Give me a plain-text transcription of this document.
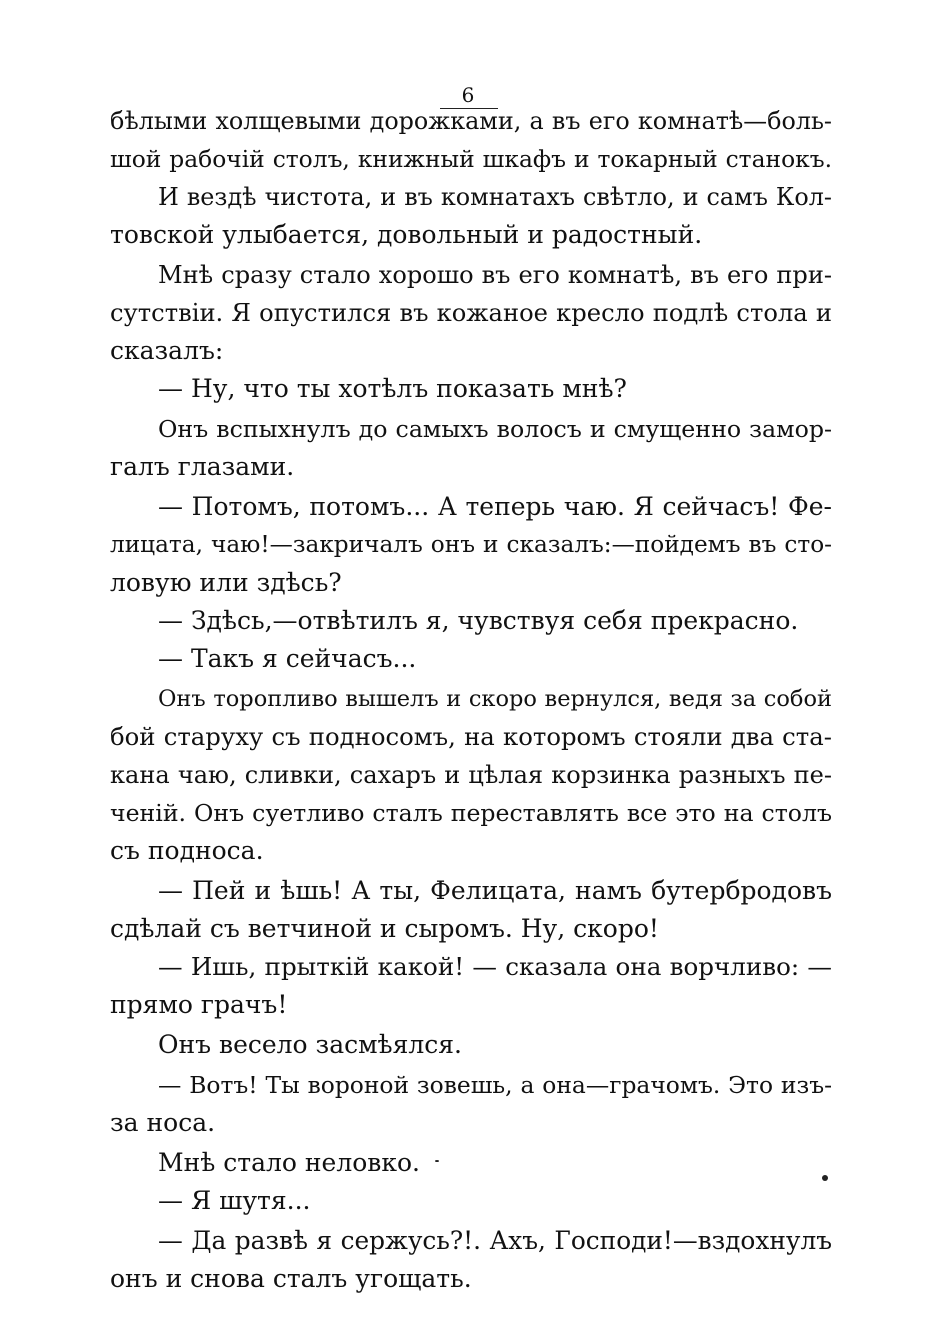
6
бѣлыми холщевыми дорожками, а въ его комнатѣ—боль-
шой рабочій столъ, книжный шкафъ и токарный станокъ.
И вездѣ чистота, и въ комнатахъ свѣтло, и самъ Кол-
товской улыбается, довольный и радостный.
Мнѣ сразу стало хорошо въ его комнатѣ, въ его при-
сутствіи. Я опустился въ кожаное кресло подлѣ стола и
сказалъ:
— Ну, что ты хотѣлъ показать мнѣ?
Онъ вспыхнулъ до самыхъ волосъ и смущенно замор-
галъ глазами.
— Потомъ, потомъ... А теперь чаю. Я сейчасъ! Фе-
лицата, чаю!—закричалъ онъ и сказалъ:—пойдемъ въ сто-
ловую или здѣсь?
— Здѣсь,—отвѣтилъ я, чувствуя себя прекрасно.
— Такъ я сейчасъ...
Онъ торопливо вышелъ и скоро вернулся, ведя за собой
бой старуху съ подносомъ, на которомъ стояли два ста-
кана чаю, сливки, сахаръ и цѣлая корзинка разныхъ пе-
ченій. Онъ суетливо сталъ переставлять все это на столъ
съ подноса.
— Пей и ѣшь! А ты, Фелицата, намъ бутербродовъ
сдѣлай съ ветчиной и сыромъ. Ну, скоро!
— Ишь, прыткій какой! — сказала она ворчливо: —
прямо грачъ!
Онъ весело засмѣялся.
— Вотъ! Ты вороной зовешь, а она—грачомъ. Это изъ-
за носа.
Мнѣ стало неловко.
— Я шутя...
— Да развѣ я сержусь?!. Ахъ, Господи!—вздохнулъ
онъ и снова сталъ угощать.
